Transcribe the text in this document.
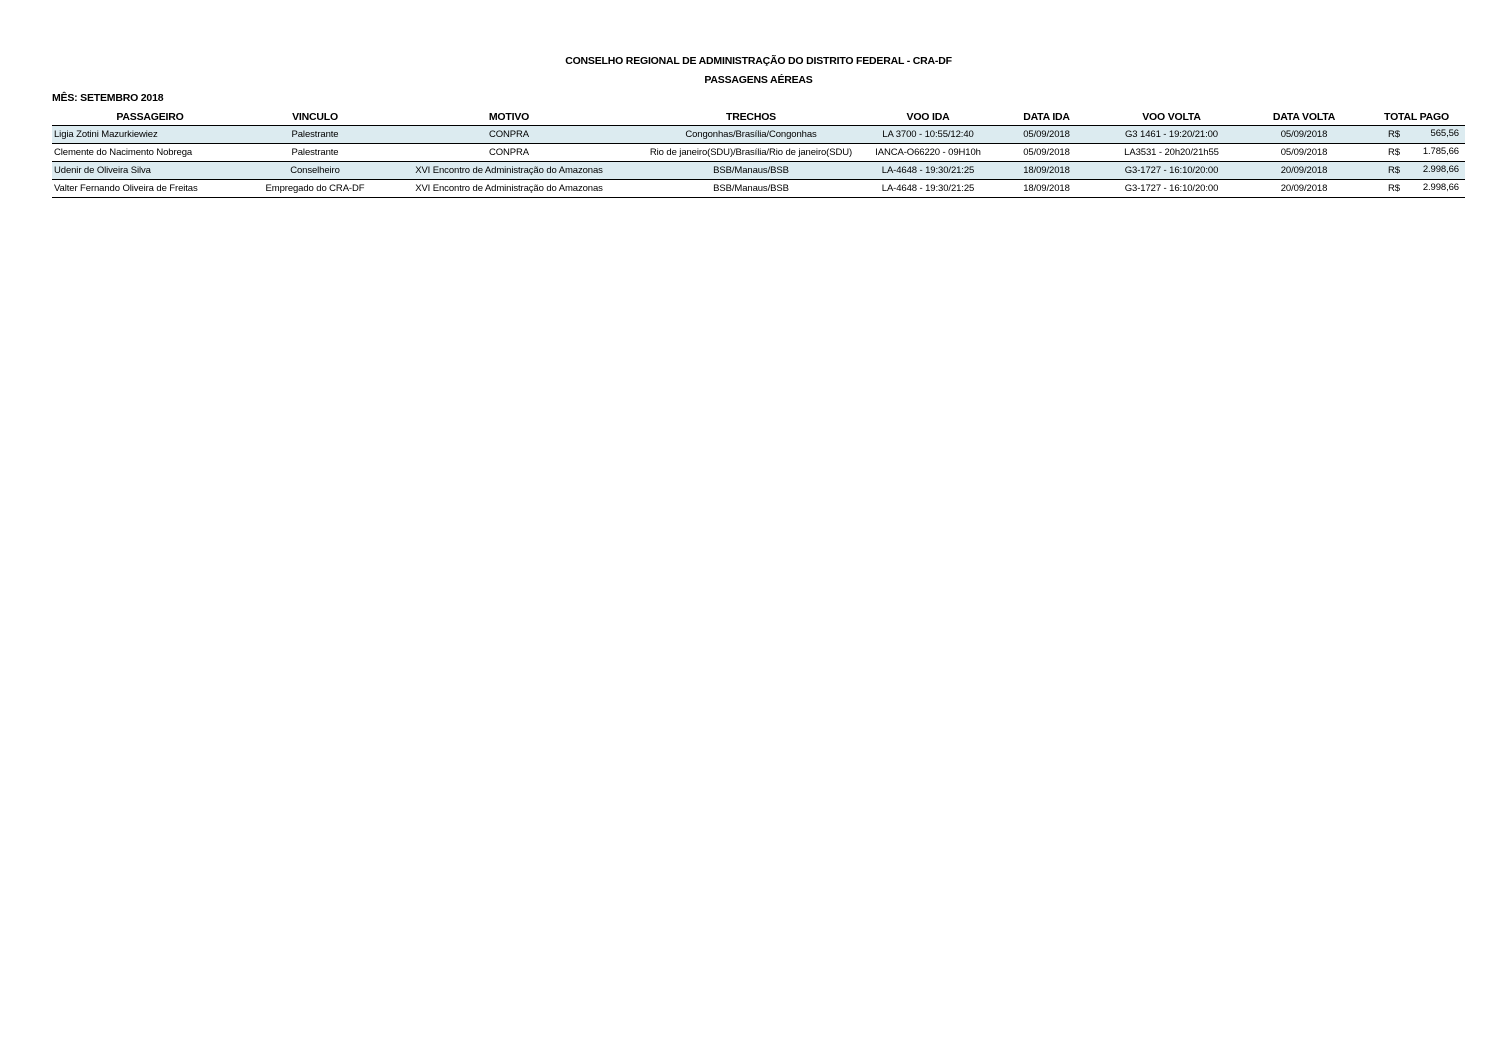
CONSELHO REGIONAL DE ADMINISTRAÇÃO DO DISTRITO FEDERAL - CRA-DF
PASSAGENS AÉREAS
MÊS: SETEMBRO 2018
PASSAGEIRO	VINCULO	MOTIVO	TRECHOS	VOO IDA	DATA IDA	VOO VOLTA	DATA VOLTA	TOTAL PAGO
Ligia Zotini Mazurkiewiez	Palestrante	CONPRA	Congonhas/Brasília/Congonhas	LA 3700 - 10:55/12:40	05/09/2018	G3 1461 - 19:20/21:00	05/09/2018	R$ 565,56

Clemente do Nacimento Nobrega	Palestrante	CONPRA	Rio de janeiro(SDU)/Brasília/Rio de janeiro(SDU)	IANCA-O66220 - 09H10h	05/09/2018	LA3531 - 20h20/21h55	05/09/2018	R$ 1.785,66

Udenir de Oliveira Silva	Conselheiro	XVI Encontro de Administração do Amazonas	BSB/Manaus/BSB	LA-4648 - 19:30/21:25	18/09/2018	G3-1727 - 16:10/20:00	20/09/2018	R$ 2.998,66

Valter Fernando Oliveira de Freitas	Empregado do CRA-DF	XVI Encontro de Administração do Amazonas	BSB/Manaus/BSB	LA-4648 - 19:30/21:25	18/09/2018	G3-1727 - 16:10/20:00	20/09/2018	R$ 2.998,66
